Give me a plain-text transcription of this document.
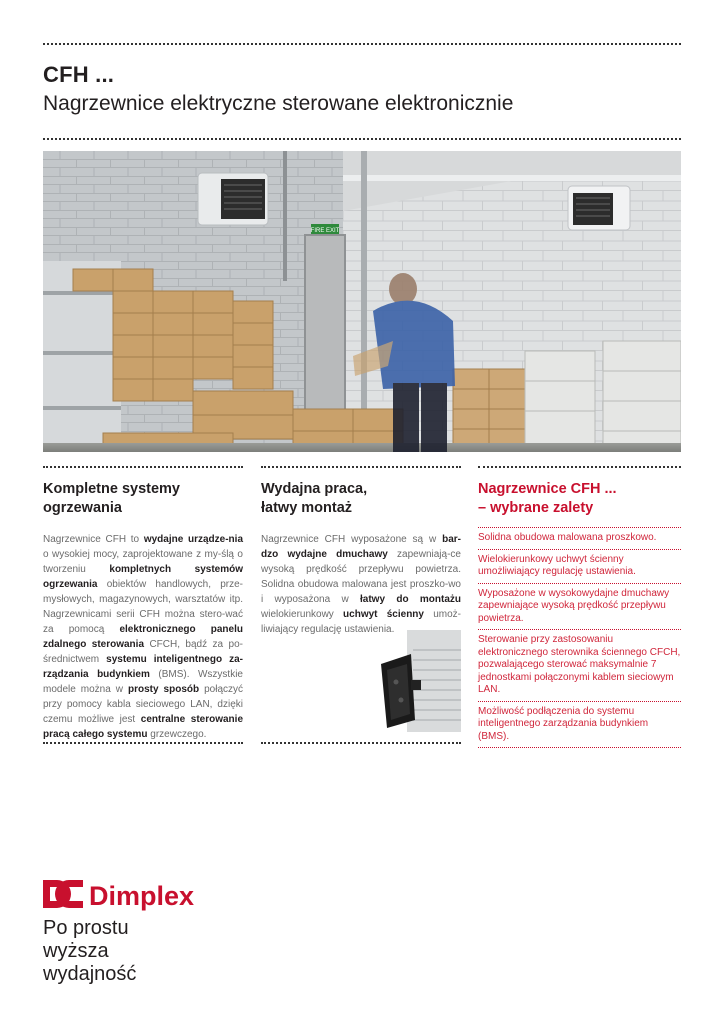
CFH ...
Nagrzewnice elektryczne sterowane elektronicznie
FIRE EXIT
Kompletne systemy
ogrzewania

Nagrzewnice CFH to wydajne urządze-nia o wysokiej mocy, zaprojektowane z my-ślą o tworzeniu kompletnych systemów ogrzewania obiektów handlowych, prze-mysłowych, magazynowych, warsztatów itp. Nagrzewnicami serii CFH można stero-wać za pomocą elektronicznego panelu zdalnego sterowania CFCH, bądź za po-średnictwem systemu inteligentnego za-rządzania budynkiem (BMS). Wszystkie modele można w prosty sposób połączyć przy pomocy kabla sieciowego LAN, dzięki czemu możliwe jest centralne sterowanie pracą całego systemu grzewczego.

Wydajna praca,
łatwy montaż

Nagrzewnice CFH wyposażone są w bar-dzo wydajne dmuchawy zapewniają-ce wysoką prędkość przepływu powietrza. Solidna obudowa malowana jest proszko-wo i wyposażona w łatwy do montażu wielokierunkowy uchwyt ścienny umoż-liwiający regulację ustawienia.

Nagrzewnice CFH ...
– wybrane zalety
Solidna obudowa malowana proszkowo.
Wielokierunkowy uchwyt ścienny umożliwiający regulację ustawienia.
Wyposażone w wysokowydajne dmuchawy zapewniające wysoką prędkość przepływu powietrza.
Sterowanie przy zastosowaniu elektronicznego sterownika ściennego CFCH, pozwalającego sterować maksymalnie 7 jednostkami połączonymi kablem sieciowym LAN.
Możliwość podłączenia do systemu inteligentnego zarządzania budynkiem (BMS).
Dimplex
Po prostu
wyższa
wydajność
